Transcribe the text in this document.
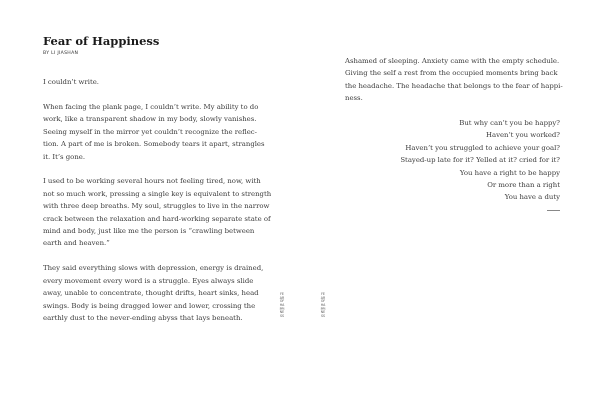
Fear of Happiness
BY LI JIASHAN

I couldn’t write.

When facing the plank page, I couldn’t write. My ability to do
work, like a transparent shadow in my body, slowly vanishes.
Seeing myself in the mirror yet couldn’t recognize the reflec-
tion. A part of me is broken. Somebody tears it apart, strangles
it. It’s gone.

I used to be working several hours not feeling tired, now, with
not so much work, pressing a single key is equivalent to strength
with three deep breaths. My soul, struggles to live in the narrow
crack between the relaxation and hard-working separate state of
mind and body, just like me the person is “crawling between
earth and heaven.”

They said everything slows with depression, energy is drained,
every movement every word is a struggle. Eyes always slide
away, unable to concentrate, thought drifts, heart sinks, head
swings. Body is being dragged lower and lower, crossing the
earthly dust to the never-ending abyss that lays beneath.

FEAR OF HAPPINESS

Ashamed of sleeping. Anxiety came with the empty schedule.
Giving the self a rest from the occupied moments bring back
the headache. The headache that belongs to the fear of happi-
ness.

But why can’t you be happy?
Haven’t you worked?
Haven’t you struggled to achieve your goal?
Stayed-up late for it? Yelled at it? cried for it?
You have a right to be happy
Or more than a right
You have a duty
FEAR OF HAPPINESS
